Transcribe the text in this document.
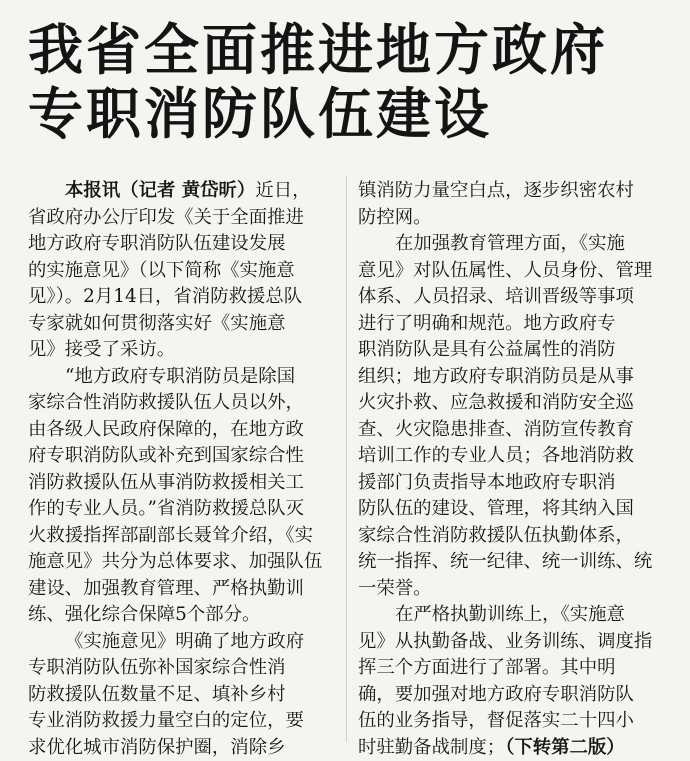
我省全面推进地方政府
专职消防队伍建设
本报讯（记者 黄岱昕）近日，
省政府办公厅印发《关于全面推进
地方政府专职消防队伍建设发展
的实施意见》（以下简称《实施意
见》）。2月14日，省消防救援总队
专家就如何贯彻落实好《实施意
见》接受了采访。
“地方政府专职消防员是除国
家综合性消防救援队伍人员以外，
由各级人民政府保障的，在地方政
府专职消防队或补充到国家综合性
消防救援队伍从事消防救援相关工
作的专业人员。”省消防救援总队灭
火救援指挥部副部长聂耸介绍，《实
施意见》共分为总体要求、加强队伍
建设、加强教育管理、严格执勤训
练、强化综合保障5个部分。
《实施意见》明确了地方政府
专职消防队伍弥补国家综合性消
防救援队伍数量不足、填补乡村
专业消防救援力量空白的定位，要
求优化城市消防保护圈，消除乡
镇消防力量空白点，逐步织密农村
防控网。
在加强教育管理方面，《实施
意见》对队伍属性、人员身份、管理
体系、人员招录、培训晋级等事项
进行了明确和规范。地方政府专
职消防队是具有公益属性的消防
组织；地方政府专职消防员是从事
火灾扑救、应急救援和消防安全巡
查、火灾隐患排查、消防宣传教育
培训工作的专业人员；各地消防救
援部门负责指导本地政府专职消
防队伍的建设、管理，将其纳入国
家综合性消防救援队伍执勤体系，
统一指挥、统一纪律、统一训练、统
一荣誉。
在严格执勤训练上，《实施意
见》从执勤备战、业务训练、调度指
挥三个方面进行了部署。其中明
确，要加强对地方政府专职消防队
伍的业务指导，督促落实二十四小
时驻勤备战制度；（下转第二版）
